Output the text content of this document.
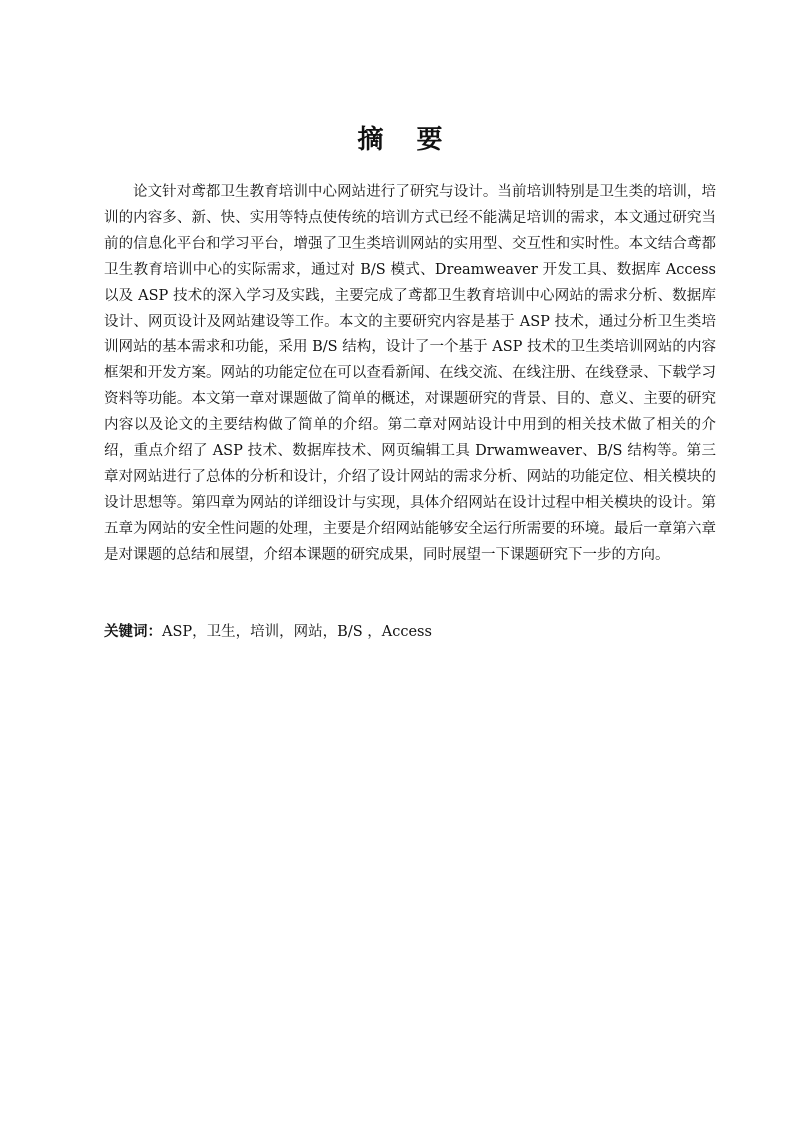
摘 要

论文针对鸢都卫生教育培训中心网站进行了研究与设计。当前培训特别是卫生类的培训，培训的内容多、新、快、实用等特点使传统的培训方式已经不能满足培训的需求，本文通过研究当前的信息化平台和学习平台，增强了卫生类培训网站的实用型、交互性和实时性。本文结合鸢都卫生教育培训中心的实际需求，通过对 B/S 模式、Dreamweaver 开发工具、数据库 Access 以及 ASP 技术的深入学习及实践，主要完成了鸢都卫生教育培训中心网站的需求分析、数据库设计、网页设计及网站建设等工作。本文的主要研究内容是基于 ASP 技术，通过分析卫生类培训网站的基本需求和功能，采用 B/S 结构，设计了一个基于 ASP 技术的卫生类培训网站的内容框架和开发方案。网站的功能定位在可以查看新闻、在线交流、在线注册、在线登录、下载学习资料等功能。本文第一章对课题做了简单的概述，对课题研究的背景、目的、意义、主要的研究内容以及论文的主要结构做了简单的介绍。第二章对网站设计中用到的相关技术做了相关的介绍，重点介绍了 ASP 技术、数据库技术、网页编辑工具 Drwamweaver、B/S 结构等。第三章对网站进行了总体的分析和设计，介绍了设计网站的需求分析、网站的功能定位、相关模块的设计思想等。第四章为网站的详细设计与实现，具体介绍网站在设计过程中相关模块的设计。第五章为网站的安全性问题的处理，主要是介绍网站能够安全运行所需要的环境。最后一章第六章是对课题的总结和展望，介绍本课题的研究成果，同时展望一下课题研究下一步的方向。

关键词：ASP，卫生，培训，网站，B/S ，Access
